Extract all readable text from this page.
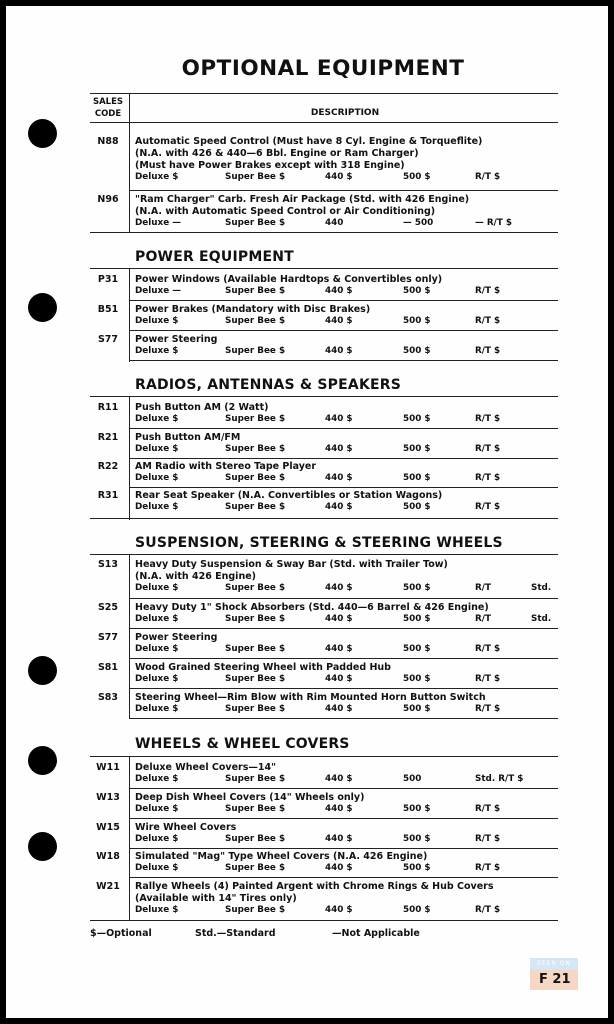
OPTIONAL EQUIPMENT
SALES CODE	DESCRIPTION
N88	Automatic Speed Control (Must have 8 Cyl. Engine & Torqueflite)
(N.A. with 426 & 440—6 Bbl. Engine or Ram Charger)
(Must have Power Brakes except with 318 Engine)
Deluxe $	Super Bee $	440 $	500 $	R/T $
N96	"Ram Charger" Carb. Fresh Air Package (Std. with 426 Engine)
(N.A. with Automatic Speed Control or Air Conditioning)
Deluxe —	Super Bee $	440	— 500	— R/T $
P31	Power Windows (Available Hardtops & Convertibles only)
Deluxe —	Super Bee $	440 $	500 $	R/T $
B51	Power Brakes (Mandatory with Disc Brakes)
Deluxe $	Super Bee $	440 $	500 $	R/T $
S77	Power Steering
Deluxe $	Super Bee $	440 $	500 $	R/T $
R11	Push Button AM (2 Watt)
Deluxe $	Super Bee $	440 $	500 $	R/T $
R21	Push Button AM/FM
Deluxe $	Super Bee $	440 $	500 $	R/T $
R22	AM Radio with Stereo Tape Player
Deluxe $	Super Bee $	440 $	500 $	R/T $
R31	Rear Seat Speaker (N.A. Convertibles or Station Wagons)
Deluxe $	Super Bee $	440 $	500 $	R/T $
S13	Heavy Duty Suspension & Sway Bar (Std. with Trailer Tow)
(N.A. with 426 Engine)
Deluxe $	Super Bee $	440 $	500 $	R/T	Std.
S25	Heavy Duty 1" Shock Absorbers (Std. 440—6 Barrel & 426 Engine)
Deluxe $	Super Bee $	440 $	500 $	R/T	Std.
S77	Power Steering
Deluxe $	Super Bee $	440 $	500 $	R/T $
S81	Wood Grained Steering Wheel with Padded Hub
Deluxe $	Super Bee $	440 $	500 $	R/T $
S83	Steering Wheel—Rim Blow with Rim Mounted Horn Button Switch
Deluxe $	Super Bee $	440 $	500 $	R/T $
W11	Deluxe Wheel Covers—14"
Deluxe $	Super Bee $	440 $	500	Std. R/T $
W13	Deep Dish Wheel Covers (14" Wheels only)
Deluxe $	Super Bee $	440 $	500 $	R/T $
W15	Wire Wheel Covers
Deluxe $	Super Bee $	440 $	500 $	R/T $
W18	Simulated "Mag" Type Wheel Covers (N.A. 426 Engine)
Deluxe $	Super Bee $	440 $	500 $	R/T $
W21	Rallye Wheels (4) Painted Argent with Chrome Rings & Hub Covers
(Available with 14" Tires only)
Deluxe $	Super Bee $	440 $	500 $	R/T $
POWER EQUIPMENT
RADIOS, ANTENNAS & SPEAKERS
SUSPENSION, STEERING & STEERING WHEELS
WHEELS & WHEEL COVERS
$—Optional	Std.—Standard	—Not Applicable
SEEN ON
F 21
